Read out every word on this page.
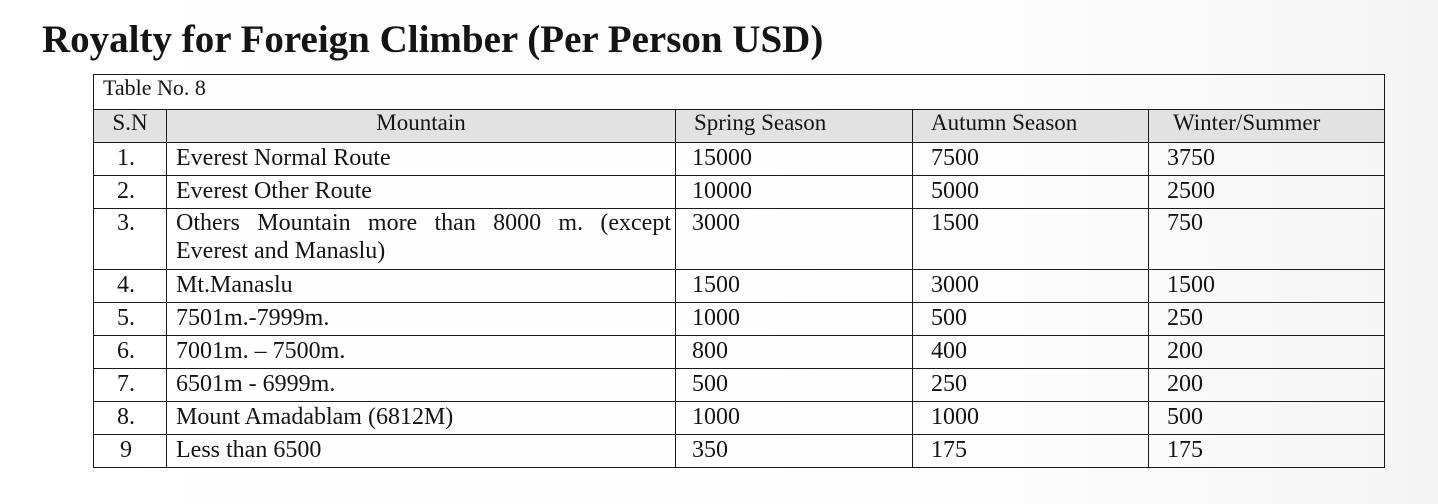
Royalty for Foreign Climber (Per Person USD)
Table No. 8				
S.N	Mountain	Spring Season	Autumn Season	Winter/Summer
1.	Everest Normal Route	15000	7500	3750
2.	Everest Other Route	10000	5000	2500
3.	Others Mountain more than 8000 m. (except Everest and Manaslu)	3000	1500	750
4.	Mt.Manaslu	1500	3000	1500
5.	7501m.-7999m.	1000	500	250
6.	7001m. – 7500m.	800	400	200
7.	6501m - 6999m.	500	250	200
8.	Mount Amadablam (6812M)	1000	1000	500
9	Less than 6500	350	175	175
